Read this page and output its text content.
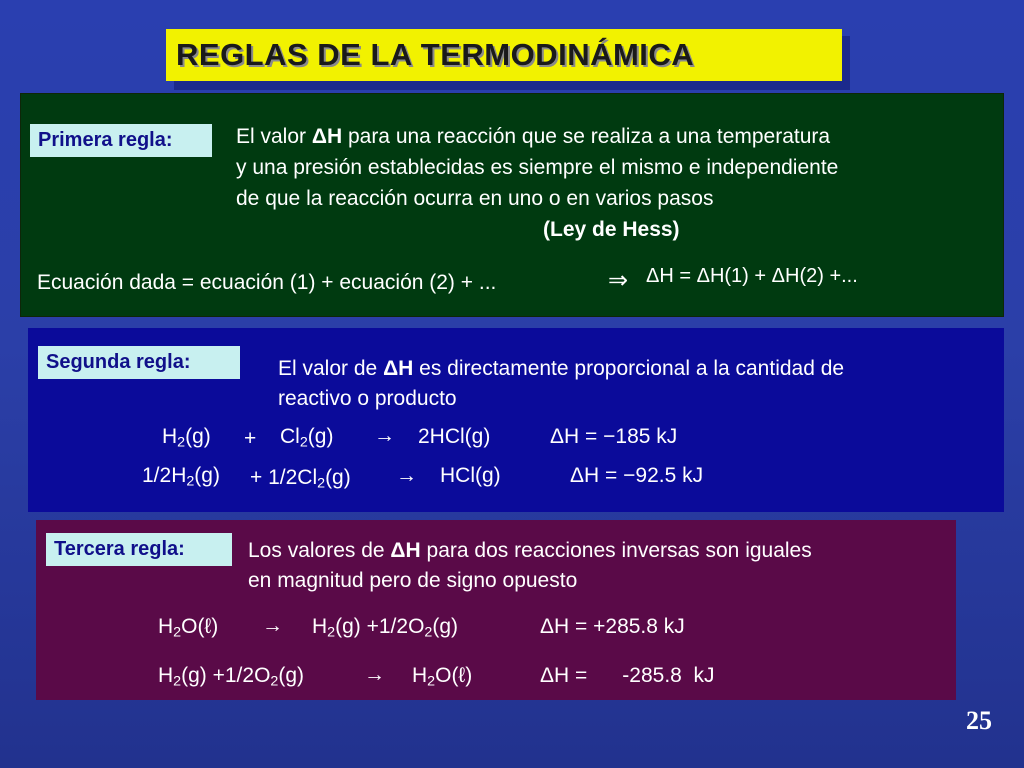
REGLAS DE LA TERMODINÁMICA
Primera regla:	El valor ΔH para una reacción que se realiza a una temperatura
y una presión establecidas es siempre el mismo e independiente
de que la reacción ocurra en uno o en varios pasos
(Ley de Hess)
Ecuación dada = ecuación (1) + ecuación (2) + ...	⇒ ΔH = ΔH(1) + ΔH(2) +...
Segunda regla:	El valor de ΔH es directamente proporcional a la cantidad de
reactivo o producto
$H_2(g) + Cl_2(g) \to 2HCl(g)$	ΔH = −185 kJ
$1/2H_2(g) + 1/2Cl_2(g) \to HCl(g)$	ΔH = −92.5 kJ
Tercera regla:	Los valores de ΔH para dos reacciones inversas son iguales
en magnitud pero de signo opuesto
$H_2O(\ell) \to H_2(g) +1/2O_2(g)$	ΔH = +285.8 kJ
$H_2(g) +1/2O_2(g)$	→ $H_2O(\ell)$	ΔH =      -285.8  kJ
25
